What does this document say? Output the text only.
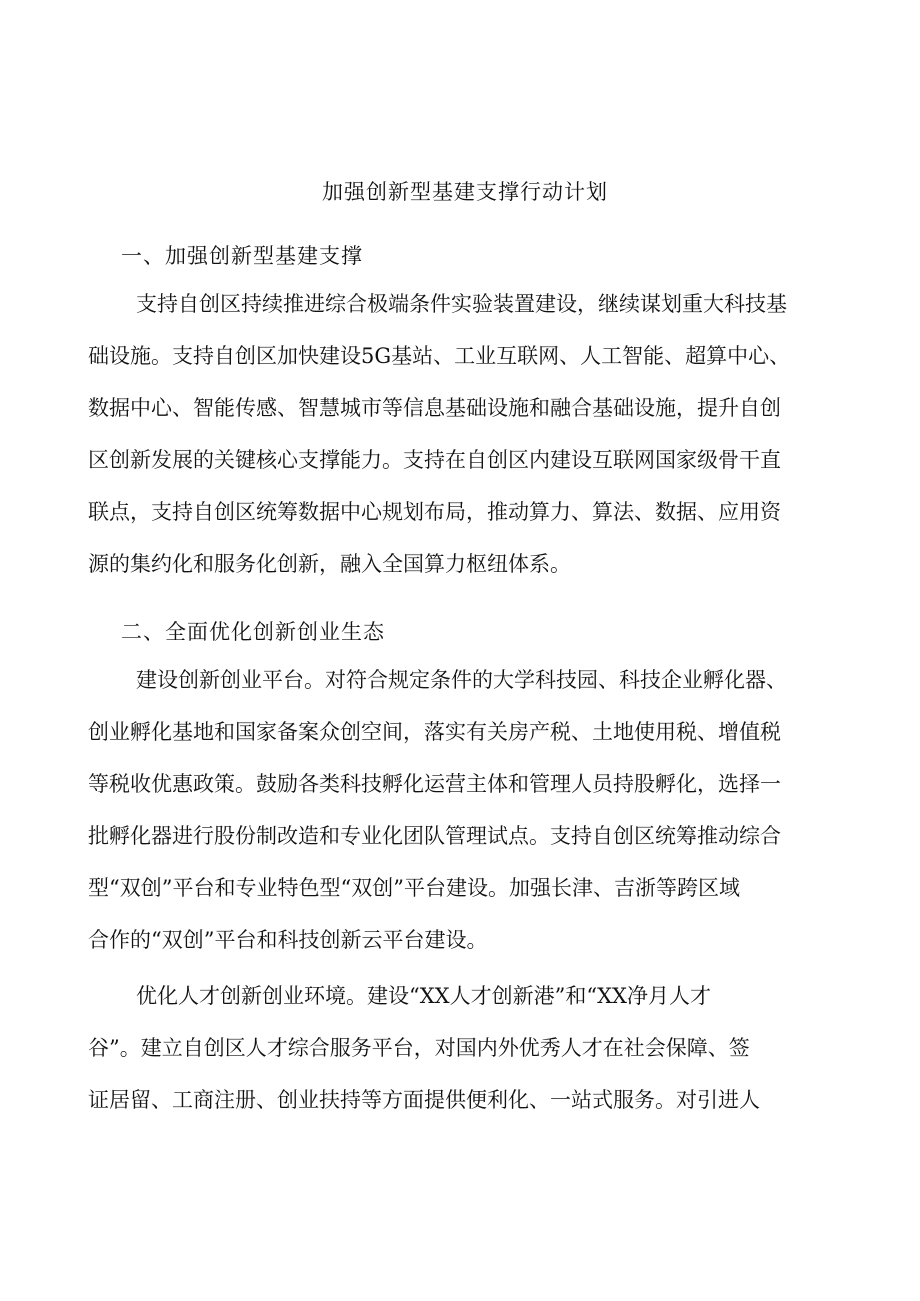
加强创新型基建支撑行动计划
一、加强创新型基建支撑

支持自创区持续推进综合极端条件实验装置建设，继续谋划重大科技基

础设施。支持自创区加快建设5G基站、工业互联网、人工智能、超算中心、

数据中心、智能传感、智慧城市等信息基础设施和融合基础设施，提升自创

区创新发展的关键核心支撑能力。支持在自创区内建设互联网国家级骨干直

联点，支持自创区统筹数据中心规划布局，推动算力、算法、数据、应用资

源的集约化和服务化创新，融入全国算力枢纽体系。

二、全面优化创新创业生态

建设创新创业平台。对符合规定条件的大学科技园、科技企业孵化器、

创业孵化基地和国家备案众创空间，落实有关房产税、土地使用税、增值税

等税收优惠政策。鼓励各类科技孵化运营主体和管理人员持股孵化，选择一

批孵化器进行股份制改造和专业化团队管理试点。支持自创区统筹推动综合

型“双创”平台和专业特色型“双创”平台建设。加强长津、吉浙等跨区域

合作的“双创”平台和科技创新云平台建设。

优化人才创新创业环境。建设“XX人才创新港”和“XX净月人才

谷”。建立自创区人才综合服务平台，对国内外优秀人才在社会保障、签

证居留、工商注册、创业扶持等方面提供便利化、一站式服务。对引进人
